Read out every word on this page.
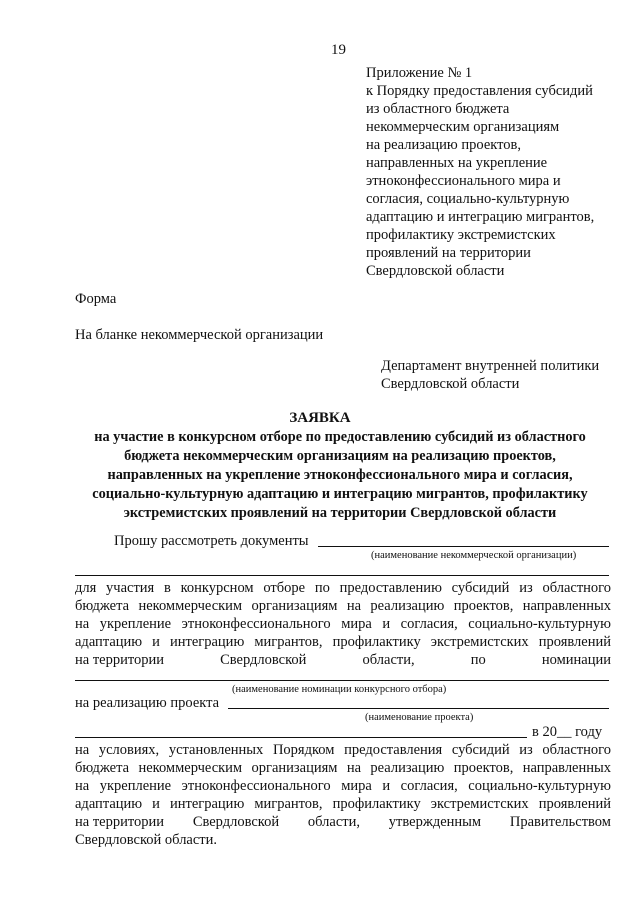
19
Приложение № 1
к Порядку предоставления субсидий
из областного бюджета
некоммерческим организациям
на реализацию проектов,
направленных на укрепление
этноконфессионального мира и
согласия, социально-культурную
адаптацию и интеграцию мигрантов,
профилактику экстремистских
проявлений на территории
Свердловской области
Форма
На бланке некоммерческой организации
Департамент внутренней политики
Свердловской области
ЗАЯВКА
на участие в конкурсном отборе по предоставлению субсидий из областного
бюджета некоммерческим организациям на реализацию проектов,
направленных на укрепление этноконфессионального мира и согласия,
социально-культурную адаптацию и интеграцию мигрантов, профилактику
экстремистских проявлений на территории Свердловской области
Прошу рассмотреть документы
(наименование некоммерческой организации)
для участия в конкурсном отборе по предоставлению субсидий из областного
бюджета некоммерческим организациям на реализацию проектов, направленных
на укрепление этноконфессионального мира и согласия, социально-культурную
адаптацию и интеграцию мигрантов, профилактику экстремистских проявлений
на территории	Свердловской	области,	по	номинации
(наименование номинации конкурсного отбора)
на реализацию проекта
(наименование проекта)
в 20__ году
на условиях, установленных Порядком предоставления субсидий из областного
бюджета некоммерческим организациям на реализацию проектов, направленных
на укрепление этноконфессионального мира и согласия, социально-культурную
адаптацию и интеграцию мигрантов, профилактику экстремистских проявлений
на территории Свердловской области, утвержденным Правительством
Свердловской области.
